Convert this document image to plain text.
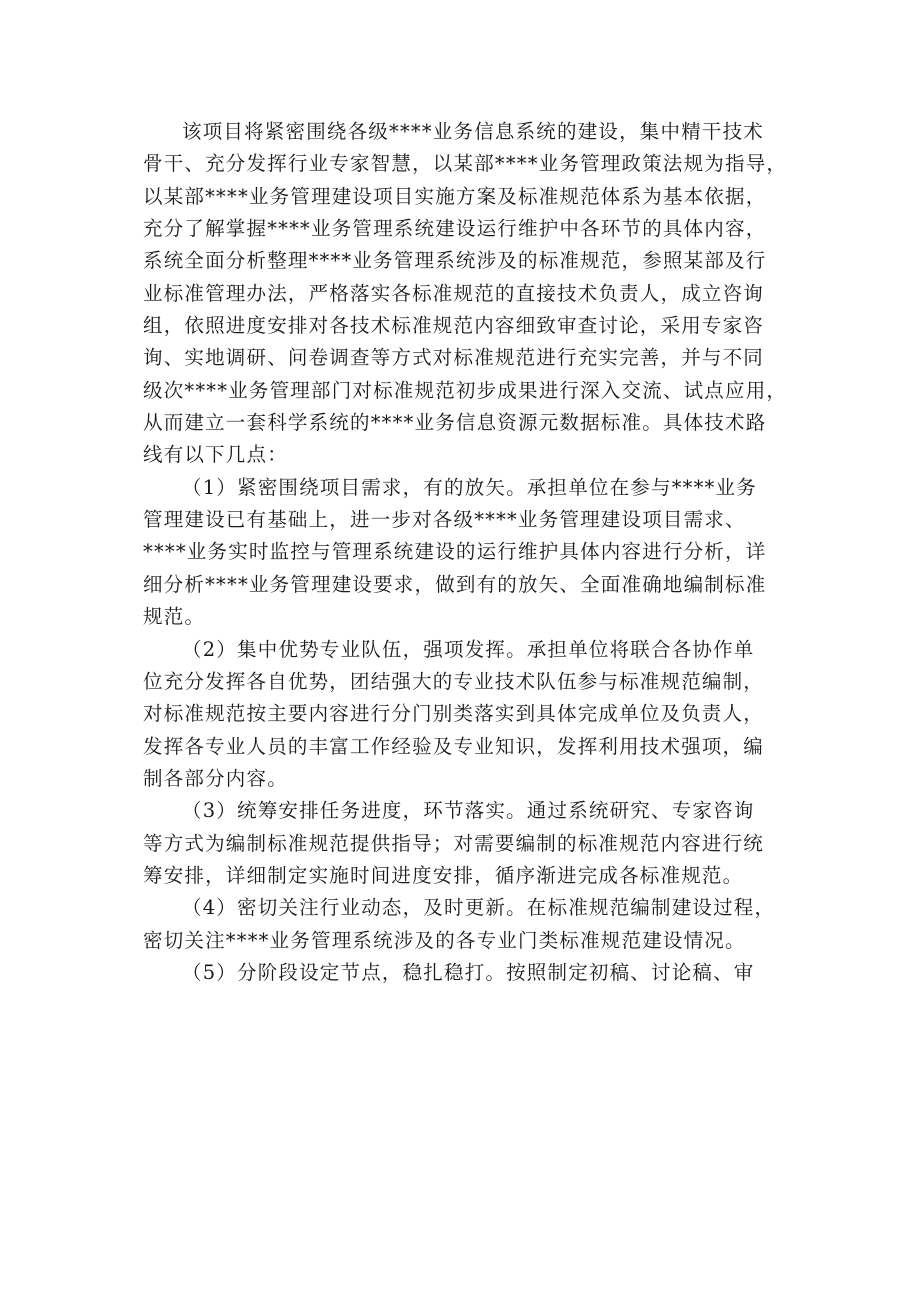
该项目将紧密围绕各级****业务信息系统的建设，集中精干技术
骨干、充分发挥行业专家智慧，以某部****业务管理政策法规为指导，
以某部****业务管理建设项目实施方案及标准规范体系为基本依据，
充分了解掌握****业务管理系统建设运行维护中各环节的具体内容，
系统全面分析整理****业务管理系统涉及的标准规范，参照某部及行
业标准管理办法，严格落实各标准规范的直接技术负责人，成立咨询
组，依照进度安排对各技术标准规范内容细致审查讨论，采用专家咨
询、实地调研、问卷调查等方式对标准规范进行充实完善，并与不同
级次****业务管理部门对标准规范初步成果进行深入交流、试点应用，
从而建立一套科学系统的****业务信息资源元数据标准。具体技术路
线有以下几点：
（1）紧密围绕项目需求，有的放矢。承担单位在参与****业务
管理建设已有基础上，进一步对各级****业务管理建设项目需求、
****业务实时监控与管理系统建设的运行维护具体内容进行分析，详
细分析****业务管理建设要求，做到有的放矢、全面准确地编制标准
规范。
（2）集中优势专业队伍，强项发挥。承担单位将联合各协作单
位充分发挥各自优势，团结强大的专业技术队伍参与标准规范编制，
对标准规范按主要内容进行分门别类落实到具体完成单位及负责人，
发挥各专业人员的丰富工作经验及专业知识，发挥利用技术强项，编
制各部分内容。
（3）统筹安排任务进度，环节落实。通过系统研究、专家咨询
等方式为编制标准规范提供指导；对需要编制的标准规范内容进行统
筹安排，详细制定实施时间进度安排，循序渐进完成各标准规范。
（4）密切关注行业动态，及时更新。在标准规范编制建设过程，
密切关注****业务管理系统涉及的各专业门类标准规范建设情况。
（5）分阶段设定节点，稳扎稳打。按照制定初稿、讨论稿、审
